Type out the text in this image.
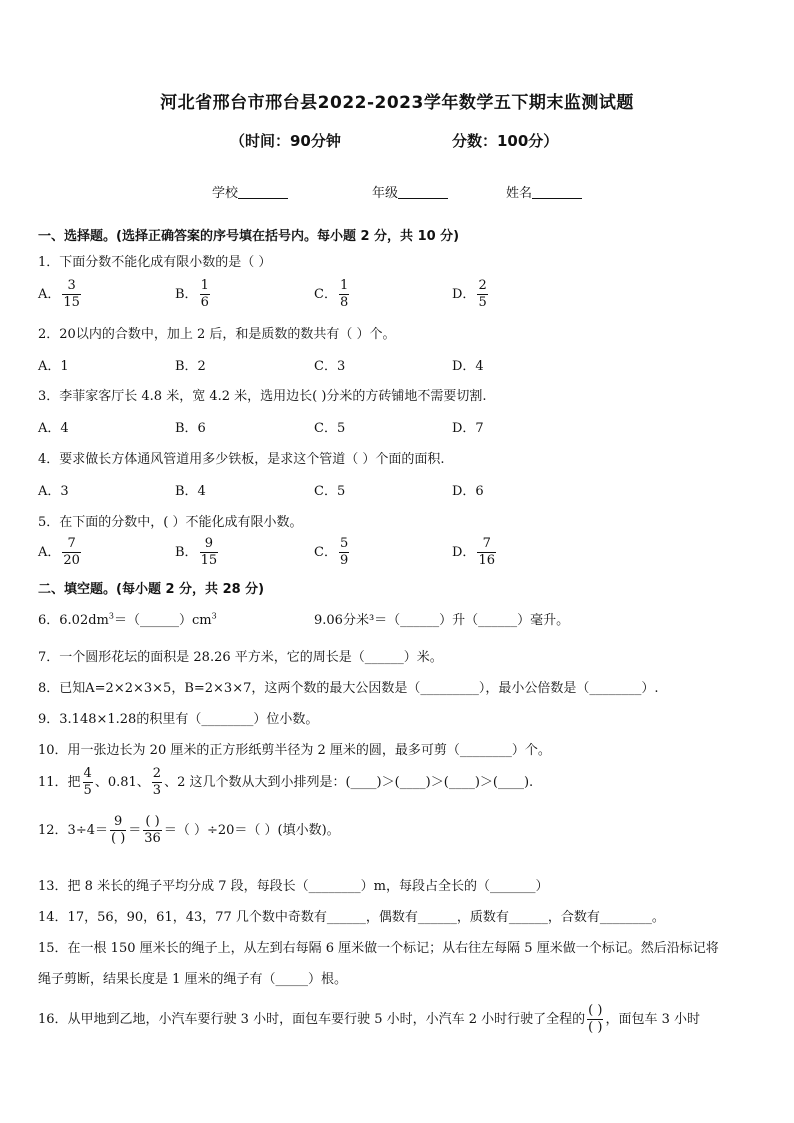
河北省邢台市邢台县2022-2023学年数学五下期末监测试题
（时间：90分钟	分数：100分）
学校	年级	姓名
一、选择题。(选择正确答案的序号填在括号内。每小题 2 分，共 10 分)
1．下面分数不能化成有限小数的是（ ）
A． $\frac{3}{15}$	B． $\frac{1}{6}$	C． $\frac{1}{8}$	D． $\frac{2}{5}$
2．20以内的合数中，加上 2 后，和是质数的数共有（ ）个。
A．1	B．2	C．3	D．4
3．李菲家客厅长 4.8 米，宽 4.2 米，选用边长( )分米的方砖铺地不需要切割.
A．4	B．6	C．5	D．7
4．要求做长方体通风管道用多少铁板，是求这个管道（ ）个面的面积.
A．3	B．4	C．5	D．6
5．在下面的分数中，( ）不能化成有限小数。
A． $\frac{7}{20}$	B． $\frac{9}{15}$	C． $\frac{5}{9}$	D． $\frac{7}{16}$
二、填空题。(每小题 2 分，共 28 分)
6．$6.02dm^3=(\_\_\_\_\_\_)cm^3$	9.06分米³＝（______）升（______）毫升。
7．一个圆形花坛的面积是 28.26 平方米，它的周长是（______）米。
8．已知A=2×2×3×5，B=2×3×7，这两个数的最大公因数是（_________），最小公倍数是（________）.
9．3.148×1.28的积里有（________）位小数。
10．用一张边长为 20 厘米的正方形纸剪半径为 2 厘米的圆，最多可剪（________）个。
11．把 $\frac{4}{5}$ 、0.81、 $\frac{2}{3}$ 、2 这几个数从大到小排列是：(____)＞(____)＞(____)＞(____).
12．$3\div 4= \frac{9}{( )} = \frac{( )}{36}$ ＝（ ）÷20＝（ ）(填小数)。
13．把 8 米长的绳子平均分成 7 段，每段长（________）m，每段占全长的（_______）
14．17，56，90，61，43，77 几个数中奇数有______，偶数有______，质数有______，合数有________。
15．在一根 150 厘米长的绳子上，从左到右每隔 6 厘米做一个标记；从右往左每隔 5 厘米做一个标记。然后沿标记将
绳子剪断，结果长度是 1 厘米的绳子有（_____）根。
16．从甲地到乙地，小汽车要行驶 3 小时，面包车要行驶 5 小时，小汽车 2 小时行驶了全程的 $\frac{( )}{( )}$ ，面包车 3 小时
